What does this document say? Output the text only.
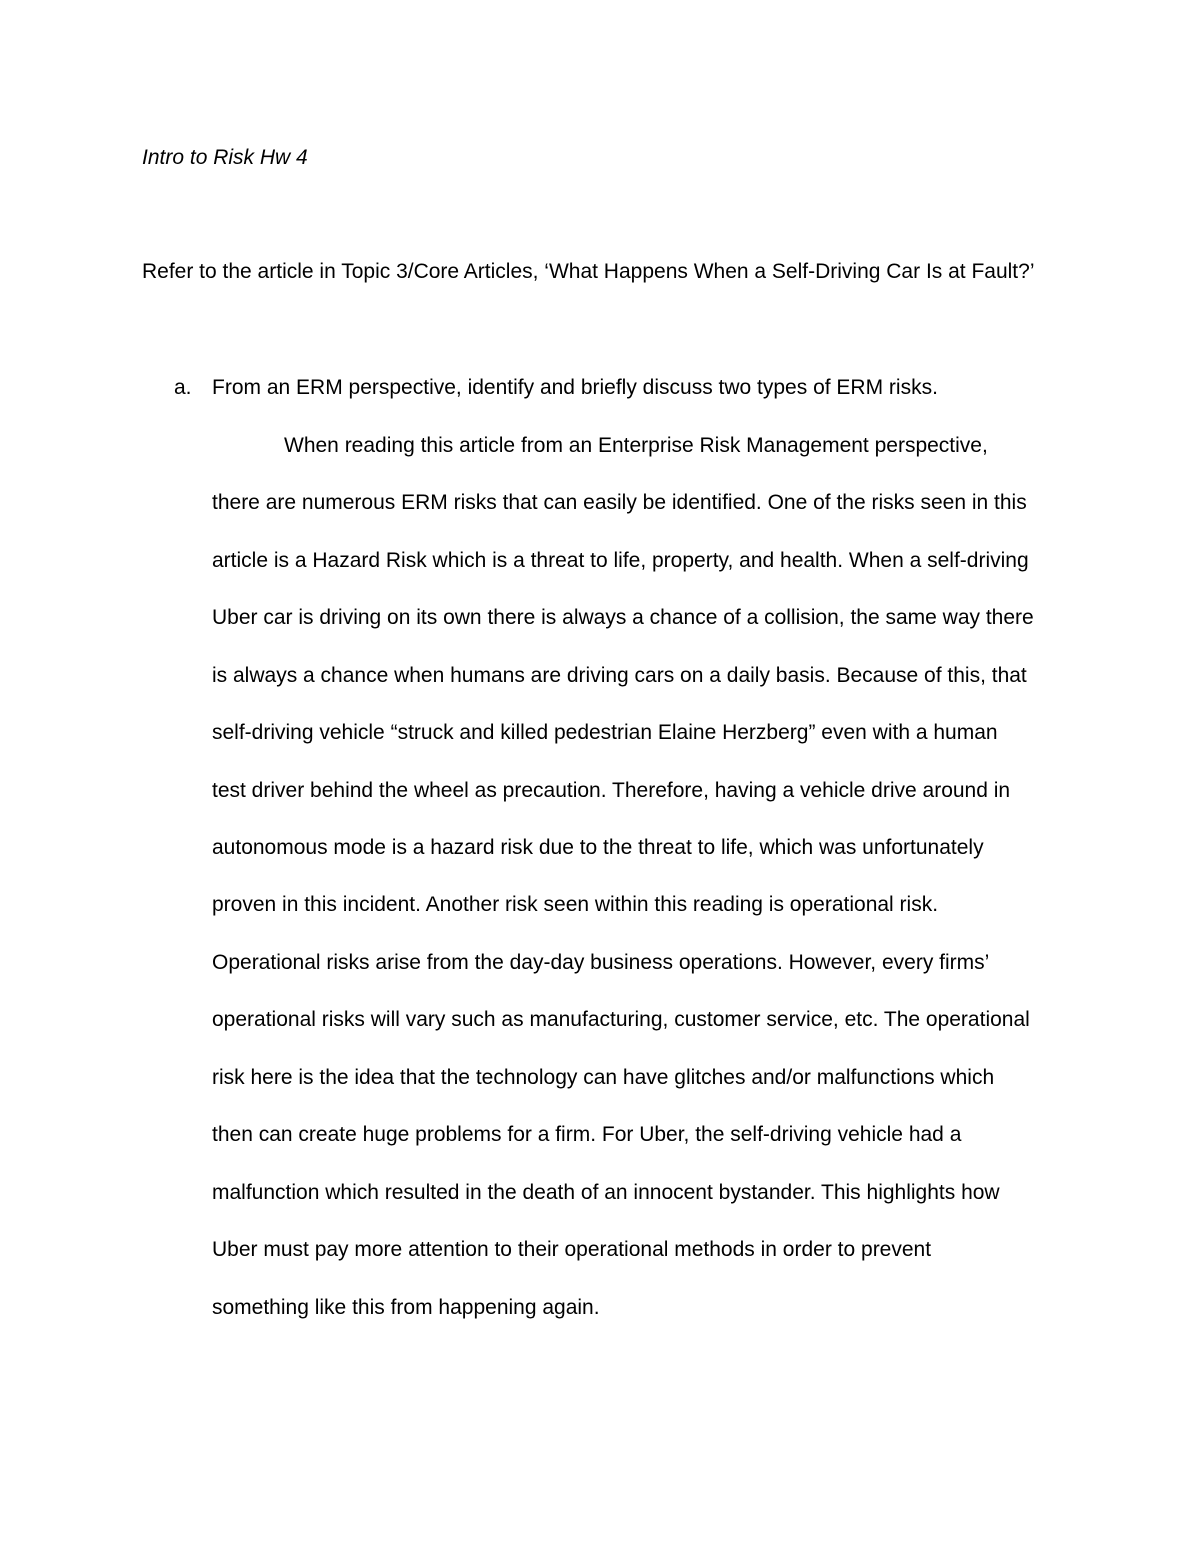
Intro to Risk Hw 4
Refer to the article in Topic 3/Core Articles, ‘What Happens When a Self-Driving Car Is at Fault?’
a. From an ERM perspective, identify and briefly discuss two types of ERM risks.
When reading this article from an Enterprise Risk Management perspective,
there are numerous ERM risks that can easily be identified. One of the risks seen in this
article is a Hazard Risk which is a threat to life, property, and health. When a self-driving
Uber car is driving on its own there is always a chance of a collision, the same way there
is always a chance when humans are driving cars on a daily basis. Because of this, that
self-driving vehicle “struck and killed pedestrian Elaine Herzberg” even with a human
test driver behind the wheel as precaution. Therefore, having a vehicle drive around in
autonomous mode is a hazard risk due to the threat to life, which was unfortunately
proven in this incident. Another risk seen within this reading is operational risk.
Operational risks arise from the day-day business operations. However, every firms’
operational risks will vary such as manufacturing, customer service, etc. The operational
risk here is the idea that the technology can have glitches and/or malfunctions which
then can create huge problems for a firm. For Uber, the self-driving vehicle had a
malfunction which resulted in the death of an innocent bystander. This highlights how
Uber must pay more attention to their operational methods in order to prevent
something like this from happening again.
